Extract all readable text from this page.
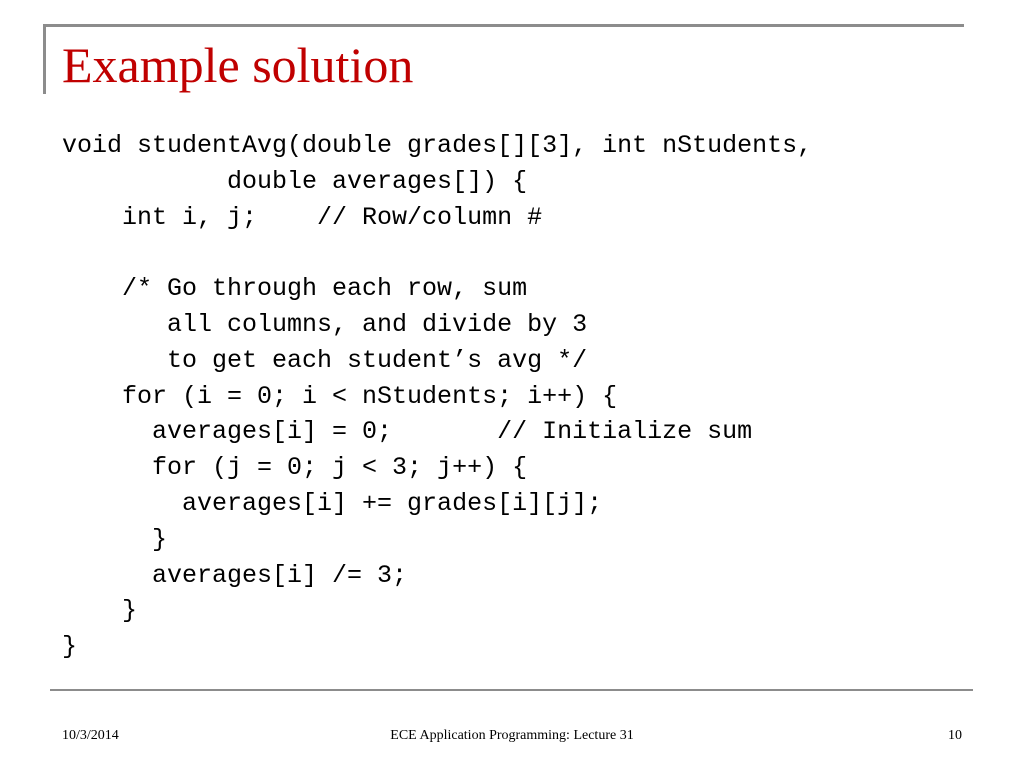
Example solution
void studentAvg(double grades[][3], int nStudents,
double averages[]) {
int i, j;    // Row/column #
/* Go through each row, sum
all columns, and divide by 3
to get each student’s avg */
for (i = 0; i < nStudents; i++) {
averages[i] = 0;       // Initialize sum
for (j = 0; j < 3; j++) {
averages[i] += grades[i][j];
}
averages[i] /= 3;
}
}
10/3/2014	ECE Application Programming: Lecture 31	10
